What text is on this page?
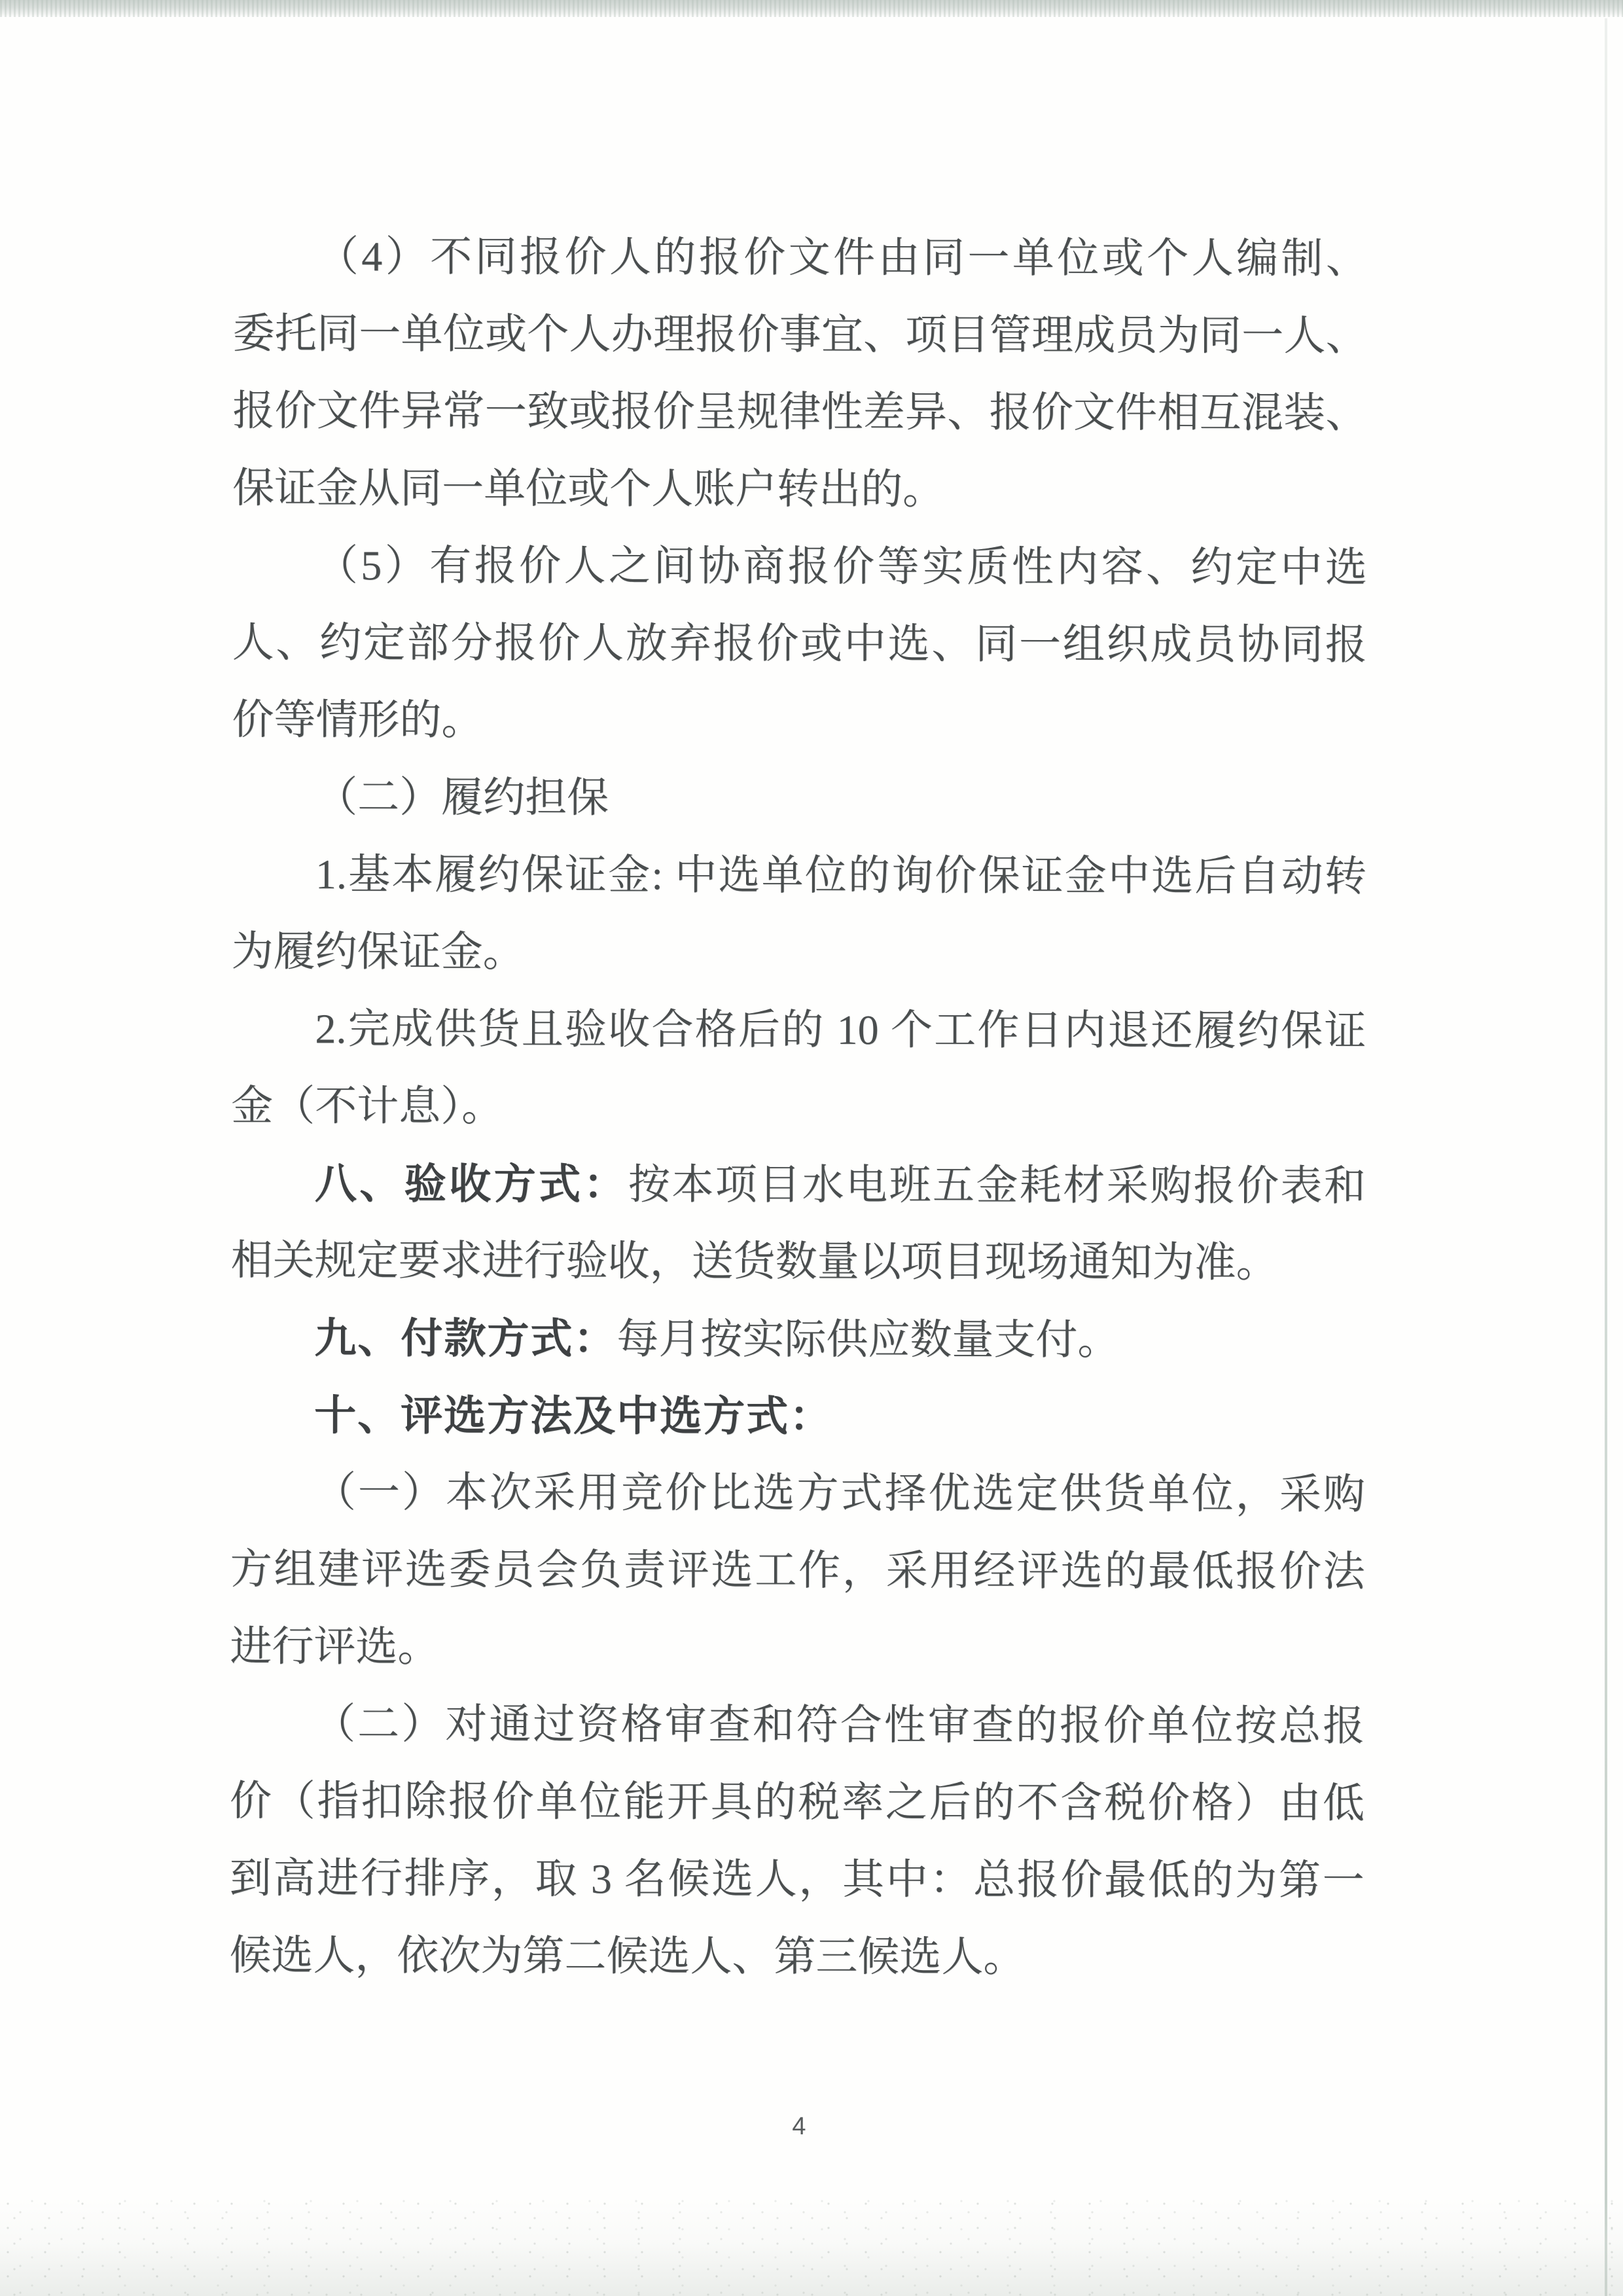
（4）不同报价人的报价文件由同一单位或个人编制、
委托同一单位或个人办理报价事宜、项目管理成员为同一人、
报价文件异常一致或报价呈规律性差异、报价文件相互混装、
保证金从同一单位或个人账户转出的。
（5）有报价人之间协商报价等实质性内容、约定中选
人、约定部分报价人放弃报价或中选、同一组织成员协同报
价等情形的。
（二）履约担保
1.基本履约保证金: 中选单位的询价保证金中选后自动转
为履约保证金。
2.完成供货且验收合格后的 10 个工作日内退还履约保证
金（不计息）。
八、验收方式：按本项目水电班五金耗材采购报价表和
相关规定要求进行验收，送货数量以项目现场通知为准。
九、付款方式：每月按实际供应数量支付。
十、评选方法及中选方式：
（一）本次采用竞价比选方式择优选定供货单位，采购
方组建评选委员会负责评选工作，采用经评选的最低报价法
进行评选。
（二）对通过资格审查和符合性审查的报价单位按总报
价（指扣除报价单位能开具的税率之后的不含税价格）由低
到高进行排序，取 3 名候选人，其中：总报价最低的为第一
候选人，依次为第二候选人、第三候选人。
4
